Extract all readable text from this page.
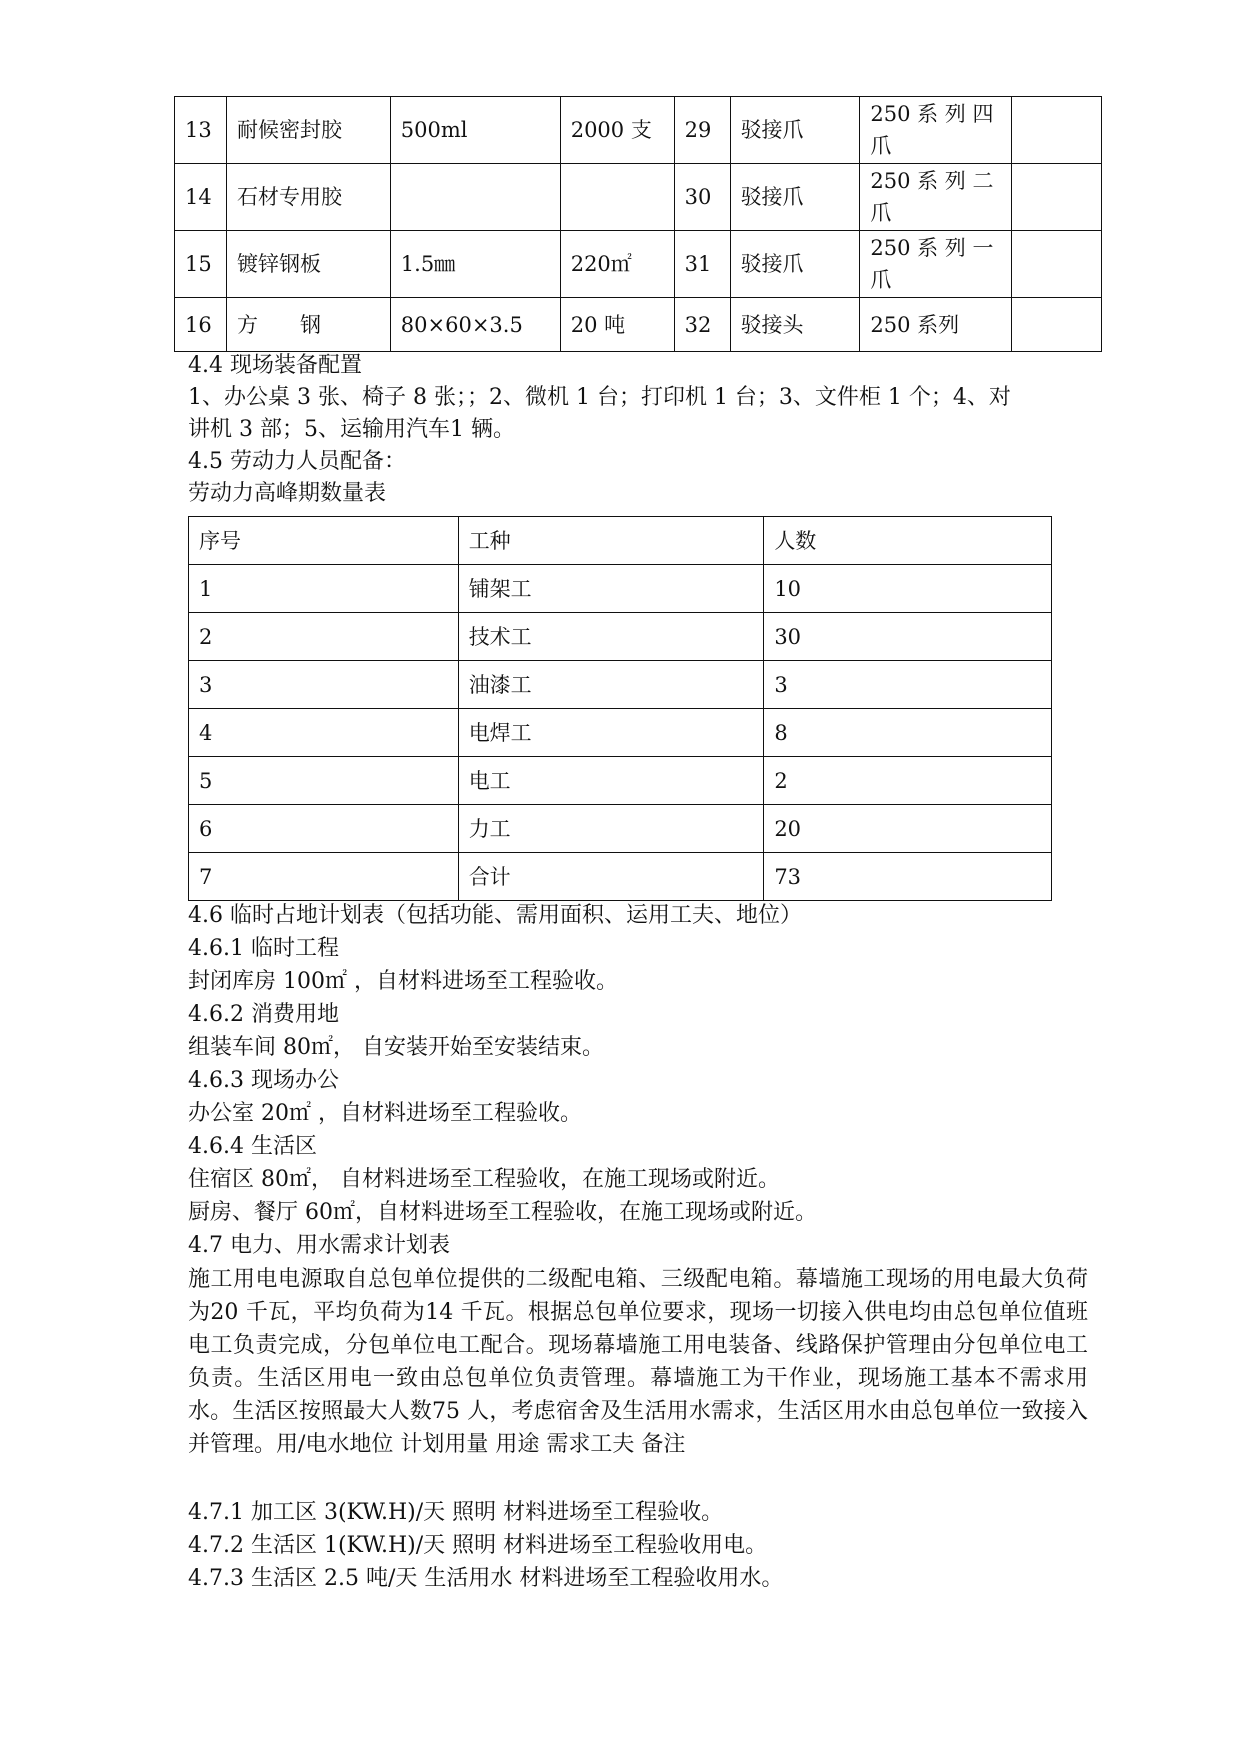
13	耐候密封胶	500ml	2000 支	29	驳接爪	250 系 列 四 爪	
14	石材专用胶			30	驳接爪	250 系 列 二 爪	
15	镀锌钢板	1.5㎜	220㎡	31	驳接爪	250 系 列 一 爪	
16	方　　钢	80×60×3.5	20 吨	32	驳接头	250 系列	
4.4 现场装备配置
1、办公桌 3 张、椅子 8 张；；2、微机 1 台；打印机 1 台；3、文件柜 1 个；4、对
讲机 3 部；5、运输用汽车1 辆。
4.5 劳动力人员配备：
劳动力高峰期数量表
序号	工种	人数
1	铺架工	10
2	技术工	30
3	油漆工	3
4	电焊工	8
5	电工	2
6	力工	20
7	合计	73
4.6 临时占地计划表（包括功能、需用面积、运用工夫、地位）
4.6.1 临时工程
封闭库房 100㎡ ，自材料进场至工程验收。
4.6.2 消费用地
组装车间 80㎡， 自安装开始至安装结束。
4.6.3 现场办公
办公室 20㎡ ，自材料进场至工程验收。
4.6.4 生活区
住宿区 80㎡， 自材料进场至工程验收，在施工现场或附近。
厨房、餐厅 60㎡，自材料进场至工程验收，在施工现场或附近。
4.7 电力、用水需求计划表
施工用电电源取自总包单位提供的二级配电箱、三级配电箱。幕墙施工现场的用电最大负荷为20 千瓦，平均负荷为14 千瓦。根据总包单位要求，现场一切接入供电均由总包单位值班电工负责完成，分包单位电工配合。现场幕墙施工用电装备、线路保护管理由分包单位电工负责。生活区用电一致由总包单位负责管理。幕墙施工为干作业，现场施工基本不需求用水。生活区按照最大人数75 人，考虑宿舍及生活用水需求，生活区用水由总包单位一致接入并管理。用/电水地位 计划用量 用途 需求工夫 备注
4.7.1 加工区 3(KW.H)/天 照明 材料进场至工程验收。
4.7.2 生活区 1(KW.H)/天 照明 材料进场至工程验收用电。
4.7.3 生活区 2.5 吨/天 生活用水 材料进场至工程验收用水。
